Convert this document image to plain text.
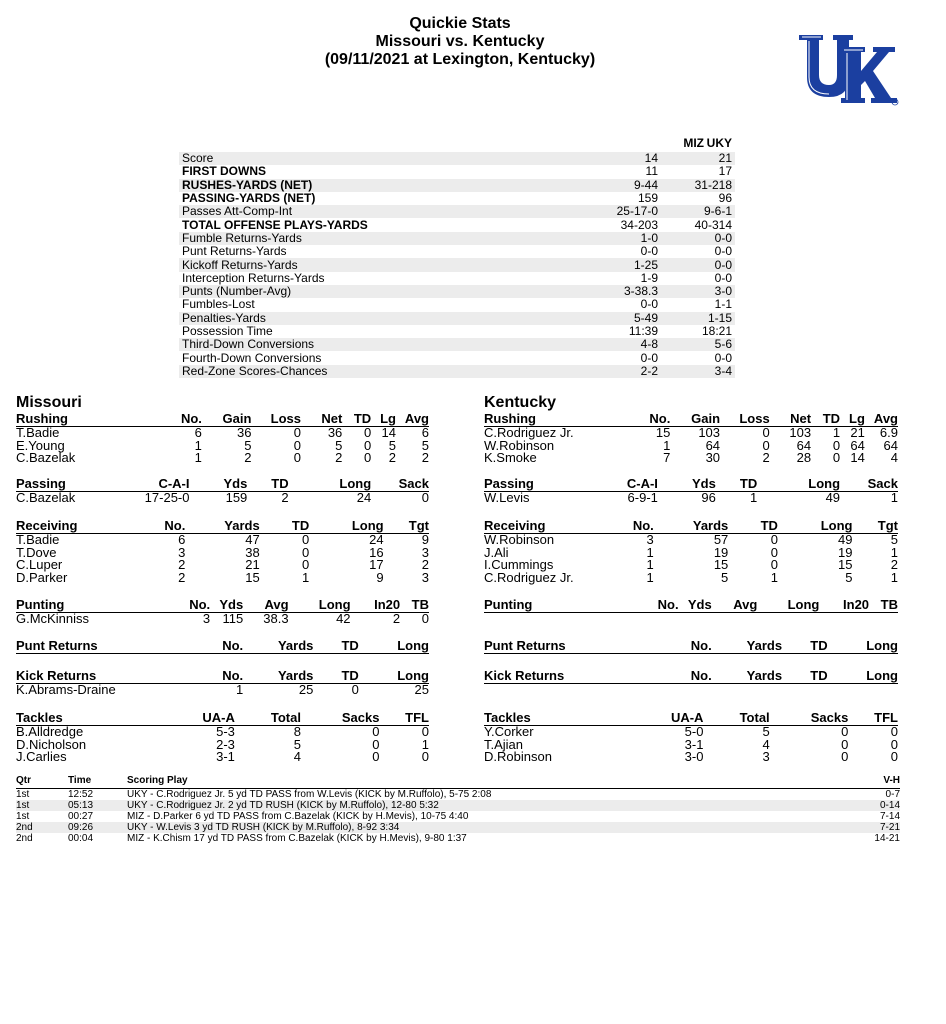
Quickie Stats
Missouri vs. Kentucky
(09/11/2021 at Lexington, Kentucky)
MIZ UKY
Score	14	21
FIRST DOWNS	11	17
RUSHES-YARDS (NET)	9-44	31-218
PASSING-YARDS (NET)	159	96
Passes Att-Comp-Int	25-17-0	9-6-1
TOTAL OFFENSE PLAYS-YARDS	34-203	40-314
Fumble Returns-Yards	1-0	0-0
Punt Returns-Yards	0-0	0-0
Kickoff Returns-Yards	1-25	0-0
Interception Returns-Yards	1-9	0-0
Punts (Number-Avg)	3-38.3	3-0
Fumbles-Lost	0-0	1-1
Penalties-Yards	5-49	1-15
Possession Time	11:39	18:21
Third-Down Conversions	4-8	5-6
Fourth-Down Conversions	0-0	0-0
Red-Zone Scores-Chances	2-2	3-4
Missouri	Kentucky
Rushing	No.	Gain	Loss	Net	TD	Lg	Avg
T.Badie	6	36	0	36	0	14	6
E.Young	1	5	0	5	0	5	5
C.Bazelak	1	2	0	2	0	2	2
Passing	C-A-I	Yds	TD	Long	Sack
C.Bazelak	17-25-0	159	2	24	0
Receiving	No.	Yards	TD	Long	Tgt
T.Badie	6	47	0	24	9
T.Dove	3	38	0	16	3
C.Luper	2	21	0	17	2
D.Parker	2	15	1	9	3
Punting	No.	Yds	Avg	Long	In20	TB
G.McKinniss	3	115	38.3	42	2	0
Punt Returns	No.	Yards	TD	Long
Kick Returns	No.	Yards	TD	Long
K.Abrams-Draine	1	25	0	25
Tackles	UA-A	Total	Sacks	TFL
B.Alldredge	5-3	8	0	0
D.Nicholson	2-3	5	0	1
J.Carlies	3-1	4	0	0
Rushing	No.	Gain	Loss	Net	TD	Lg	Avg
C.Rodriguez Jr.	15	103	0	103	1	21	6.9
W.Robinson	1	64	0	64	0	64	64
K.Smoke	7	30	2	28	0	14	4
Passing	C-A-I	Yds	TD	Long	Sack
W.Levis	6-9-1	96	1	49	1
Receiving	No.	Yards	TD	Long	Tgt
W.Robinson	3	57	0	49	5
J.Ali	1	19	0	19	1
I.Cummings	1	15	0	15	2
C.Rodriguez Jr.	1	5	1	5	1
Punting	No.	Yds	Avg	Long	In20	TB
Punt Returns	No.	Yards	TD	Long
Kick Returns	No.	Yards	TD	Long
Tackles	UA-A	Total	Sacks	TFL
Y.Corker	5-0	5	0	0
T.Ajian	3-1	4	0	0
D.Robinson	3-0	3	0	0
Qtr	Time	Scoring Play	V-H
1st	12:52	UKY - C.Rodriguez Jr. 5 yd TD PASS from W.Levis (KICK by M.Ruffolo), 5-75 2:08	0-7
1st	05:13	UKY - C.Rodriguez Jr. 2 yd TD RUSH (KICK by M.Ruffolo), 12-80 5:32	0-14
1st	00:27	MIZ - D.Parker 6 yd TD PASS from C.Bazelak (KICK by H.Mevis), 10-75 4:40	7-14
2nd	09:26	UKY - W.Levis 3 yd TD RUSH (KICK by M.Ruffolo), 8-92 3:34	7-21
2nd	00:04	MIZ - K.Chism 17 yd TD PASS from C.Bazelak (KICK by H.Mevis), 9-80 1:37	14-21
